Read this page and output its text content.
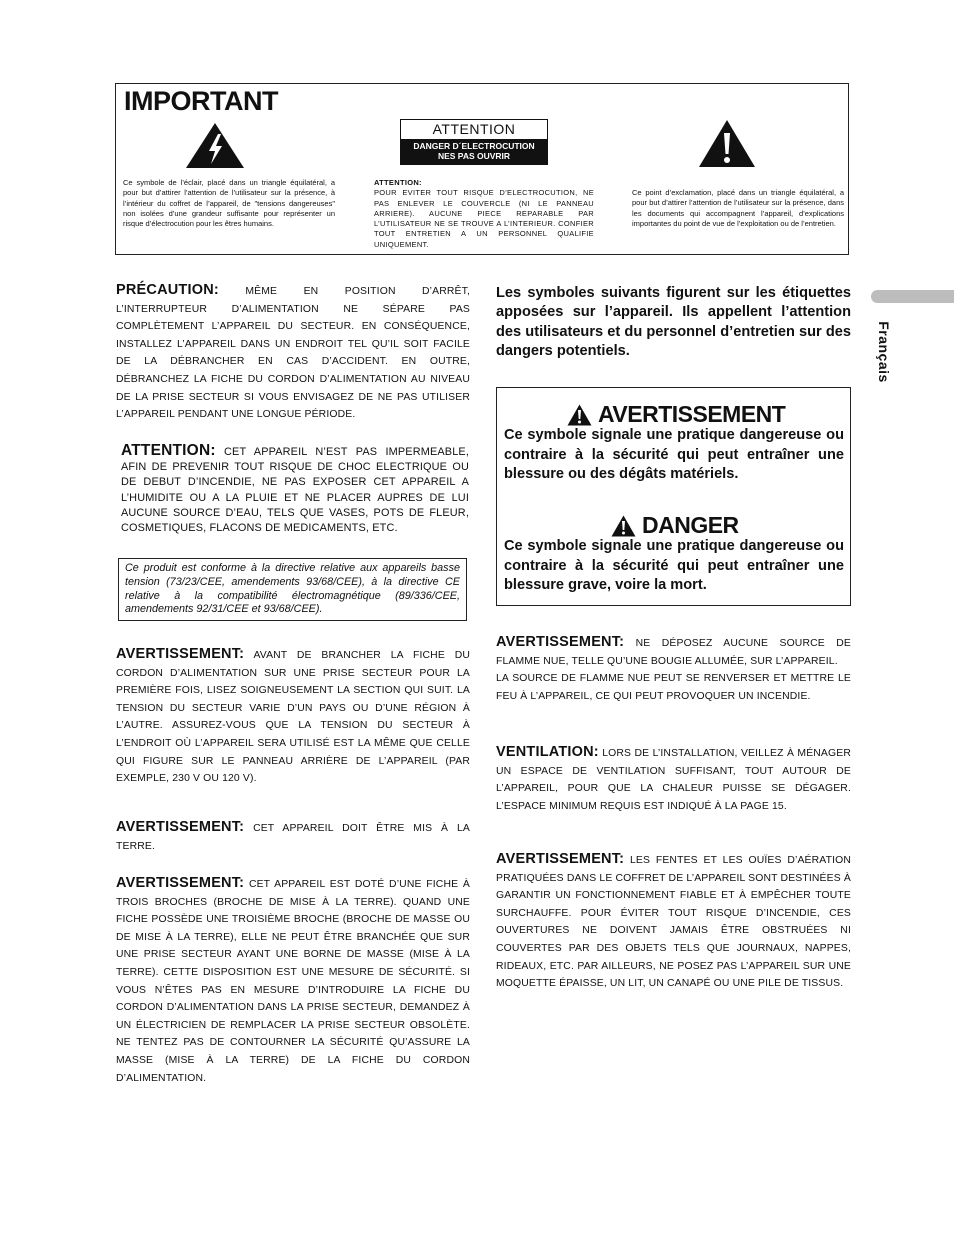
IMPORTANT
ATTENTION
DANGER D´ELECTROCUTION
NES PAS OUVRIR
Ce symbole de l’éclair, placé dans un triangle équilatéral, a pour but d’attirer l’attention de l’utilisateur sur la présence, à l’intérieur du coffret de l’appareil, de "tensions dangereuses" non isolées d’une grandeur suffisante pour représenter un risque d’électrocution pour les êtres humains.
ATTENTION:
POUR EVITER TOUT RISQUE D’ELECTROCUTION, NE PAS ENLEVER LE COUVERCLE (NI LE PANNEAU ARRIERE). AUCUNE PIECE REPARABLE PAR L’UTILISATEUR NE SE TROUVE A L’INTERIEUR. CONFIER TOUT ENTRETIEN A UN PERSONNEL QUALIFIE UNIQUEMENT.
Ce point d’exclamation, placé dans un triangle équilatéral, a pour but d’attirer l’attention de l’utilisateur sur la présence, dans les documents qui accompagnent l’appareil, d’explications importantes du point de vue de l’exploitation ou de l’entretien.
PRÉCAUTION:	MÊME EN POSITION D’ARRÊT, L’INTERRUPTEUR D’ALIMENTATION NE SÉPARE PAS COMPLÈTEMENT L’APPAREIL DU SECTEUR. EN CONSÉQUENCE, INSTALLEZ L’APPAREIL DANS UN ENDROIT TEL QU’IL SOIT FACILE DE LA DÉBRANCHER EN CAS D’ACCIDENT. EN OUTRE, DÉBRANCHEZ LA FICHE DU CORDON D’ALIMENTATION AU NIVEAU DE LA PRISE SECTEUR SI VOUS ENVISAGEZ DE NE PAS UTILISER L’APPAREIL PENDANT UNE LONGUE PÉRIODE.
ATTENTION: CET APPAREIL N’EST PAS IMPERMEABLE, AFIN DE PREVENIR TOUT RISQUE DE CHOC ELECTRIQUE OU DE DEBUT D’INCENDIE, NE PAS EXPOSER CET APPAREIL A L’HUMIDITE OU A LA PLUIE ET NE PLACER AUPRES DE LUI AUCUNE SOURCE D’EAU, TELS QUE VASES, POTS DE FLEUR, COSMETIQUES, FLACONS DE MEDICAMENTS, ETC.
Ce produit est conforme à la directive relative aux appareils basse tension (73/23/CEE, amendements 93/68/CEE), à la directive CE relative à la compatibilité électromagnétique (89/336/CEE, amendements 92/31/CEE et 93/68/CEE).
AVERTISSEMENT: AVANT DE BRANCHER LA FICHE DU CORDON D’ALIMENTATION SUR UNE PRISE SECTEUR POUR LA PREMIÈRE FOIS, LISEZ SOIGNEUSEMENT LA SECTION QUI SUIT. LA TENSION DU SECTEUR VARIE D’UN PAYS OU D’UNE RÉGION À L’AUTRE. ASSUREZ-VOUS QUE LA TENSION DU SECTEUR À L’ENDROIT OÙ L’APPAREIL SERA UTILISÉ EST LA MÊME QUE CELLE QUI FIGURE SUR LE PANNEAU ARRIÈRE DE L’APPAREIL (PAR EXEMPLE, 230 V OU 120 V).
AVERTISSEMENT: CET APPAREIL DOIT ÊTRE MIS À LA TERRE.
AVERTISSEMENT: CET APPAREIL EST DOTÉ D’UNE FICHE À TROIS BROCHES (BROCHE DE MISE À LA TERRE). QUAND UNE FICHE POSSÈDE UNE TROISIÈME BROCHE (BROCHE DE MASSE OU DE MISE À LA TERRE), ELLE NE PEUT ÊTRE BRANCHÉE QUE SUR UNE PRISE SECTEUR AYANT UNE BORNE DE MASSE (MISE À LA TERRE). CETTE DISPOSITION EST UNE MESURE DE SÉCURITÉ. SI VOUS N’ÊTES PAS EN MESURE D’INTRODUIRE LA FICHE DU CORDON D’ALIMENTATION DANS LA PRISE SECTEUR, DEMANDEZ À UN ÉLECTRICIEN DE REMPLACER LA PRISE SECTEUR OBSOLÈTE. NE TENTEZ PAS DE CONTOURNER LA SÉCURITÉ QU’ASSURE LA MASSE (MISE À LA TERRE) DE LA FICHE DU CORDON D’ALIMENTATION.
Les symboles suivants figurent sur les étiquettes apposées sur l’appareil. Ils appellent l’attention des utilisateurs et du personnel d’entretien sur des dangers potentiels.
AVERTISSEMENT
Ce symbole signale une pratique dangereuse ou contraire à la sécurité qui peut entraîner une blessure ou des dégâts matériels.
DANGER
Ce symbole signale une pratique dangereuse ou contraire à la sécurité qui peut entraîner une blessure grave, voire la mort.
AVERTISSEMENT: NE DÉPOSEZ AUCUNE SOURCE DE FLAMME NUE, TELLE QU’UNE BOUGIE ALLUMÉE, SUR L’APPAREIL.
LA SOURCE DE FLAMME NUE PEUT SE RENVERSER ET METTRE LE FEU À L’APPAREIL, CE QUI PEUT PROVOQUER UN INCENDIE.
VENTILATION: LORS DE L’INSTALLATION, VEILLEZ À MÉNAGER UN ESPACE DE VENTILATION SUFFISANT, TOUT AUTOUR DE L’APPAREIL, POUR QUE LA CHALEUR PUISSE SE DÉGAGER. L’ESPACE MINIMUM REQUIS EST INDIQUÉ À LA PAGE 15.
AVERTISSEMENT: LES FENTES ET LES OUÏES D’AÉRATION PRATIQUÉES DANS LE COFFRET DE L’APPAREIL SONT DESTINÉES À GARANTIR UN FONCTIONNEMENT FIABLE ET À EMPÊCHER TOUTE SURCHAUFFE. POUR ÉVITER TOUT RISQUE D’INCENDIE, CES OUVERTURES NE DOIVENT JAMAIS ÊTRE OBSTRUÉES NI COUVERTES PAR DES OBJETS TELS QUE JOURNAUX, NAPPES, RIDEAUX, ETC. PAR AILLEURS, NE POSEZ PAS L’APPAREIL SUR UNE MOQUETTE ÉPAISSE, UN LIT, UN CANAPÉ OU UNE PILE DE TISSUS.
Français
